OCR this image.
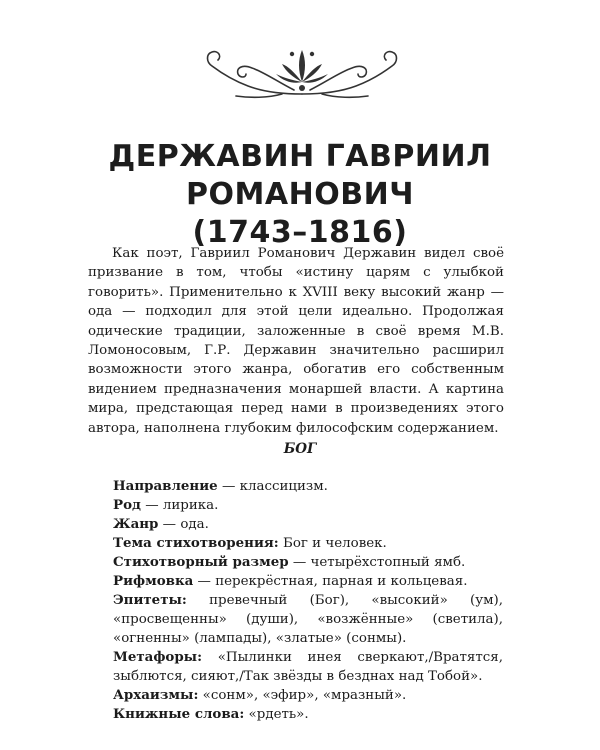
ДЕРЖАВИН ГАВРИИЛ
РОМАНОВИЧ
(1743–1816)

Как поэт, Гавриил Романович Державин видел своё призвание в том, чтобы «истину царям с улыбкой говорить». Применительно к XVIII веку высокий жанр — ода — подходил для этой цели идеально. Продолжая одические традиции, заложенные в своё время М.В. Ломоносовым, Г.Р. Державин значительно расширил возможности этого жанра, обогатив его собственным видением предназначения монаршей власти. А картина мира, предстающая перед нами в произведениях этого автора, наполнена глубоким философским содержанием.

БОГ

Направление — классицизм.

Род — лирика.

Жанр — ода.

Тема стихотворения: Бог и человек.

Стихотворный размер — четырёхстопный ямб.

Рифмовка — перекрёстная, парная и кольцевая.

Эпитеты: превечный (Бог), «высокий» (ум), «просвещенны» (души), «возжённые» (светила), «огненны» (лампады), «златые» (сонмы).

Метафоры: «Пылинки инея сверкают,/Вратятся, зыблются, сияют,/Так звёзды в безднах над Тобой».

Архаизмы: «сонм», «эфир», «мразный».

Книжные слова: «рдеть».
